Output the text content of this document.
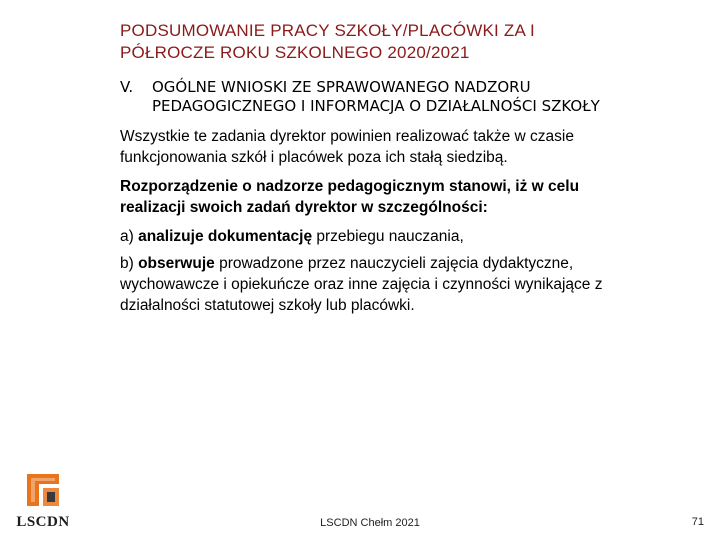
PODSUMOWANIE PRACY SZKOŁY/PLACÓWKI ZA I
PÓŁROCZE ROKU SZKOLNEGO 2020/2021
V. OGÓLNE WNIOSKI ZE SPRAWOWANEGO NADZORU
PEDAGOGICZNEGO I INFORMACJA O DZIAŁALNOŚCI SZKOŁY
Wszystkie te zadania dyrektor powinien realizować także w czasie
funkcjonowania szkół i placówek poza ich stałą siedzibą.
Rozporządzenie o nadzorze pedagogicznym stanowi, iż w celu
realizacji swoich zadań dyrektor w szczególności:
a) analizuje dokumentację przebiegu nauczania,
b) obserwuje prowadzone przez nauczycieli zajęcia dydaktyczne,
wychowawcze i opiekuńcze oraz inne zajęcia i czynności wynikające z
działalności statutowej szkoły lub placówki.
LSCDN	LSCDN Chełm 2021	71
